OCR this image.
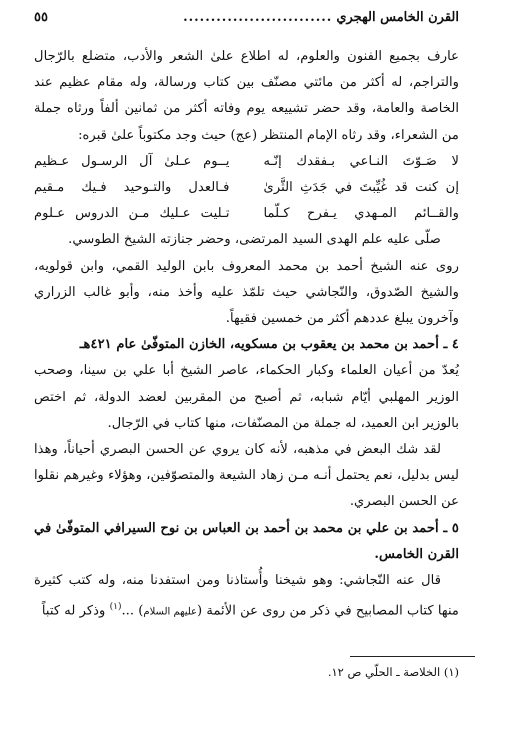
القرن الخامس الهجري
...........................
٥٥

عارف بجميع الفنون والعلوم، له اطلاع علىٰ الشعر والأدب، متضلع بالرّجال والتراجم، له أكثر من مائتي مصنّف بين كتاب ورسالة، وله مقام عظيم عند الخاصة والعامة، وقد حضر تشييعه يوم وفاته أكثر من ثمانين ألفاً ورثاه جملة من الشعراء، وقد رثاه الإمام المنتظر (عج) حيث وجد مكتوباً علىٰ قبره:

لا صَـوّتَ النـاعي بـفقدك إنّـه
يــوم عـلىٰ آل الرسـول عـظيم
إن كنت قد غُيِّبتَ في جَدَثِ الثَّرىٰ
فـالعدل والتـوحيد فـيك مـقيم
والقــائم المـهدي يـفرح كـلّما
تـليت عـليك مـن الدروس عـلوم

صلّى عليه علم الهدى السيد المرتضى، وحضر جنازته الشيخ الطوسي.

روى عنه الشيخ أحمد بن محمد المعروف بابن الوليد القمي، وابن قولويه، والشيخ الصّدوق، والنّجاشي حيث تلمّذ عليه وأخذ منه، وأبو غالب الزراري وآخرون يبلغ عددهم أكثر من خمسين فقيهاً.

٤ ـ أحمد بن محمد بن يعقوب بن مسكويه، الخازن المتوفّىٰ عام ٤٢١هـ

يُعدّ من أعيان العلماء وكبار الحكماء، عاصر الشيخ أبا علي بن سينا، وصحب الوزير المهلبي أيّام شبابه، ثم أصبح من المقربين لعضد الدولة، ثم اختص بالوزير ابن العميد، له جملة من المصنّفات، منها كتاب في الرّجال.

لقد شك البعض في مذهبه، لأنه كان يروي عن الحسن البصري أحياناً، وهذا ليس بدليل، نعم يحتمل أنـه مـن زهاد الشيعة والمتصوّفين، وهؤلاء وغيرهم نقلوا عن الحسن البصري.

٥ ـ أحمد بن علي بن محمد بن أحمد بن العباس بن نوح السيرافي المتوفّىٰ في القرن الخامس.

قال عنه النّجاشي: وهو شيخنا وأُستاذنا ومن استفدنا منه، وله كتب كثيرة منها كتاب المصابيح في ذكر من روى عن الأئمة (عليهم السلام) ...$^{(١)}$ وذكر له كتباً

(١) الخلاصة ـ الحلّي ص ١٢.
